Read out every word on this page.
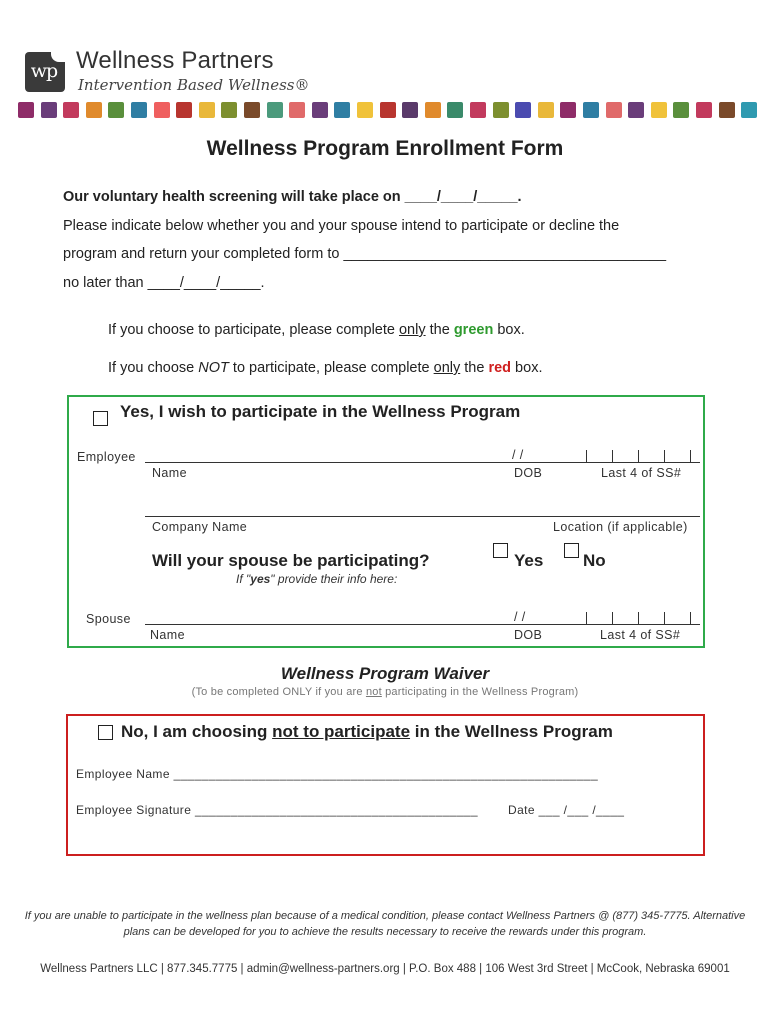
wp Wellness Partners
Intervention Based Wellness®
Wellness Program Enrollment Form
Our voluntary health screening will take place on ____/____/_____.
Please indicate below whether you and your spouse intend to participate or decline the
program and return your completed form to ________________________________________
no later than ____/____/_____.
If you choose to participate, please complete only the green box.
If you choose NOT to participate, please complete only the red box.
Yes, I wish to participate in the Wellness Program
Employee	/ /
Name	DOB	Last 4 of SS#
Company Name	Location (if applicable)
Will your spouse be participating?	Yes No
If "yes" provide their info here:
Spouse	/ /
Name	DOB	Last 4 of SS#
Wellness Program Waiver
(To be completed ONLY if you are not participating in the Wellness Program)
No, I am choosing not to participate in the Wellness Program
Employee Name ____________________________________________________________
Employee Signature ________________________________________	Date ___ /___ /____
If you are unable to participate in the wellness plan because of a medical condition, please contact Wellness Partners @ (877) 345-7775. Alternative plans can be developed for you to achieve the results necessary to receive the rewards under this program.
Wellness Partners LLC | 877.345.7775 | admin@wellness-partners.org | P.O. Box 488 | 106 West 3rd Street | McCook, Nebraska 69001
